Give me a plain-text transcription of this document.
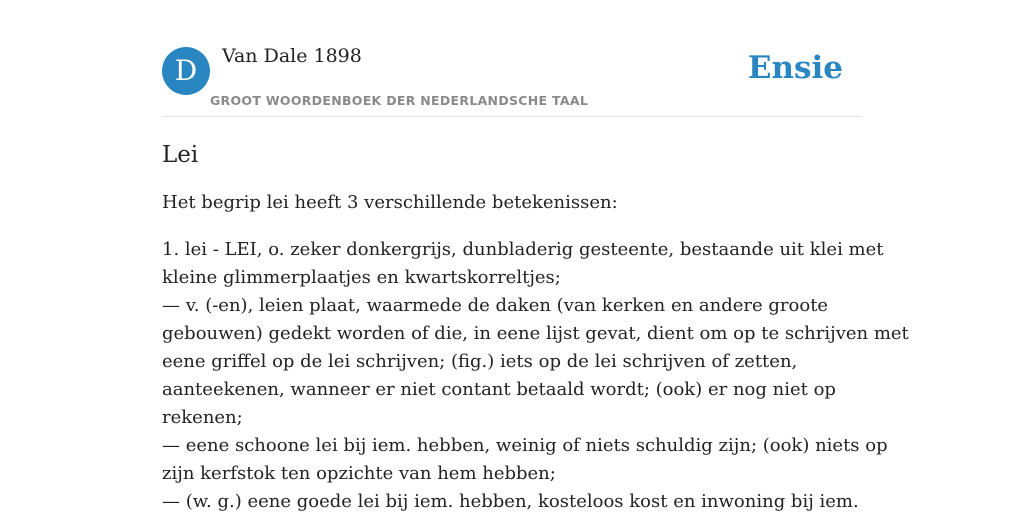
D	Van Dale 1898
GROOT WOORDENBOEK DER NEDERLANDSCHE TAAL
Ensie
Lei

Het begrip lei heeft 3 verschillende betekenissen:

1. lei - LEI, o. zeker donkergrijs, dunbladerig gesteente, bestaande uit klei met
kleine glimmerplaatjes en kwartskorreltjes;
— v. (-en), leien plaat, waarmede de daken (van kerken en andere groote
gebouwen) gedekt worden of die, in eene lijst gevat, dient om op te schrijven met
eene griffel op de lei schrijven; (fig.) iets op de lei schrijven of zetten,
aanteekenen, wanneer er niet contant betaald wordt; (ook) er nog niet op
rekenen;
— eene schoone lei bij iem. hebben, weinig of niets schuldig zijn; (ook) niets op
zijn kerfstok ten opzichte van hem hebben;
— (w. g.) eene goede lei bij iem. hebben, kosteloos kost en inwoning bij iem.
